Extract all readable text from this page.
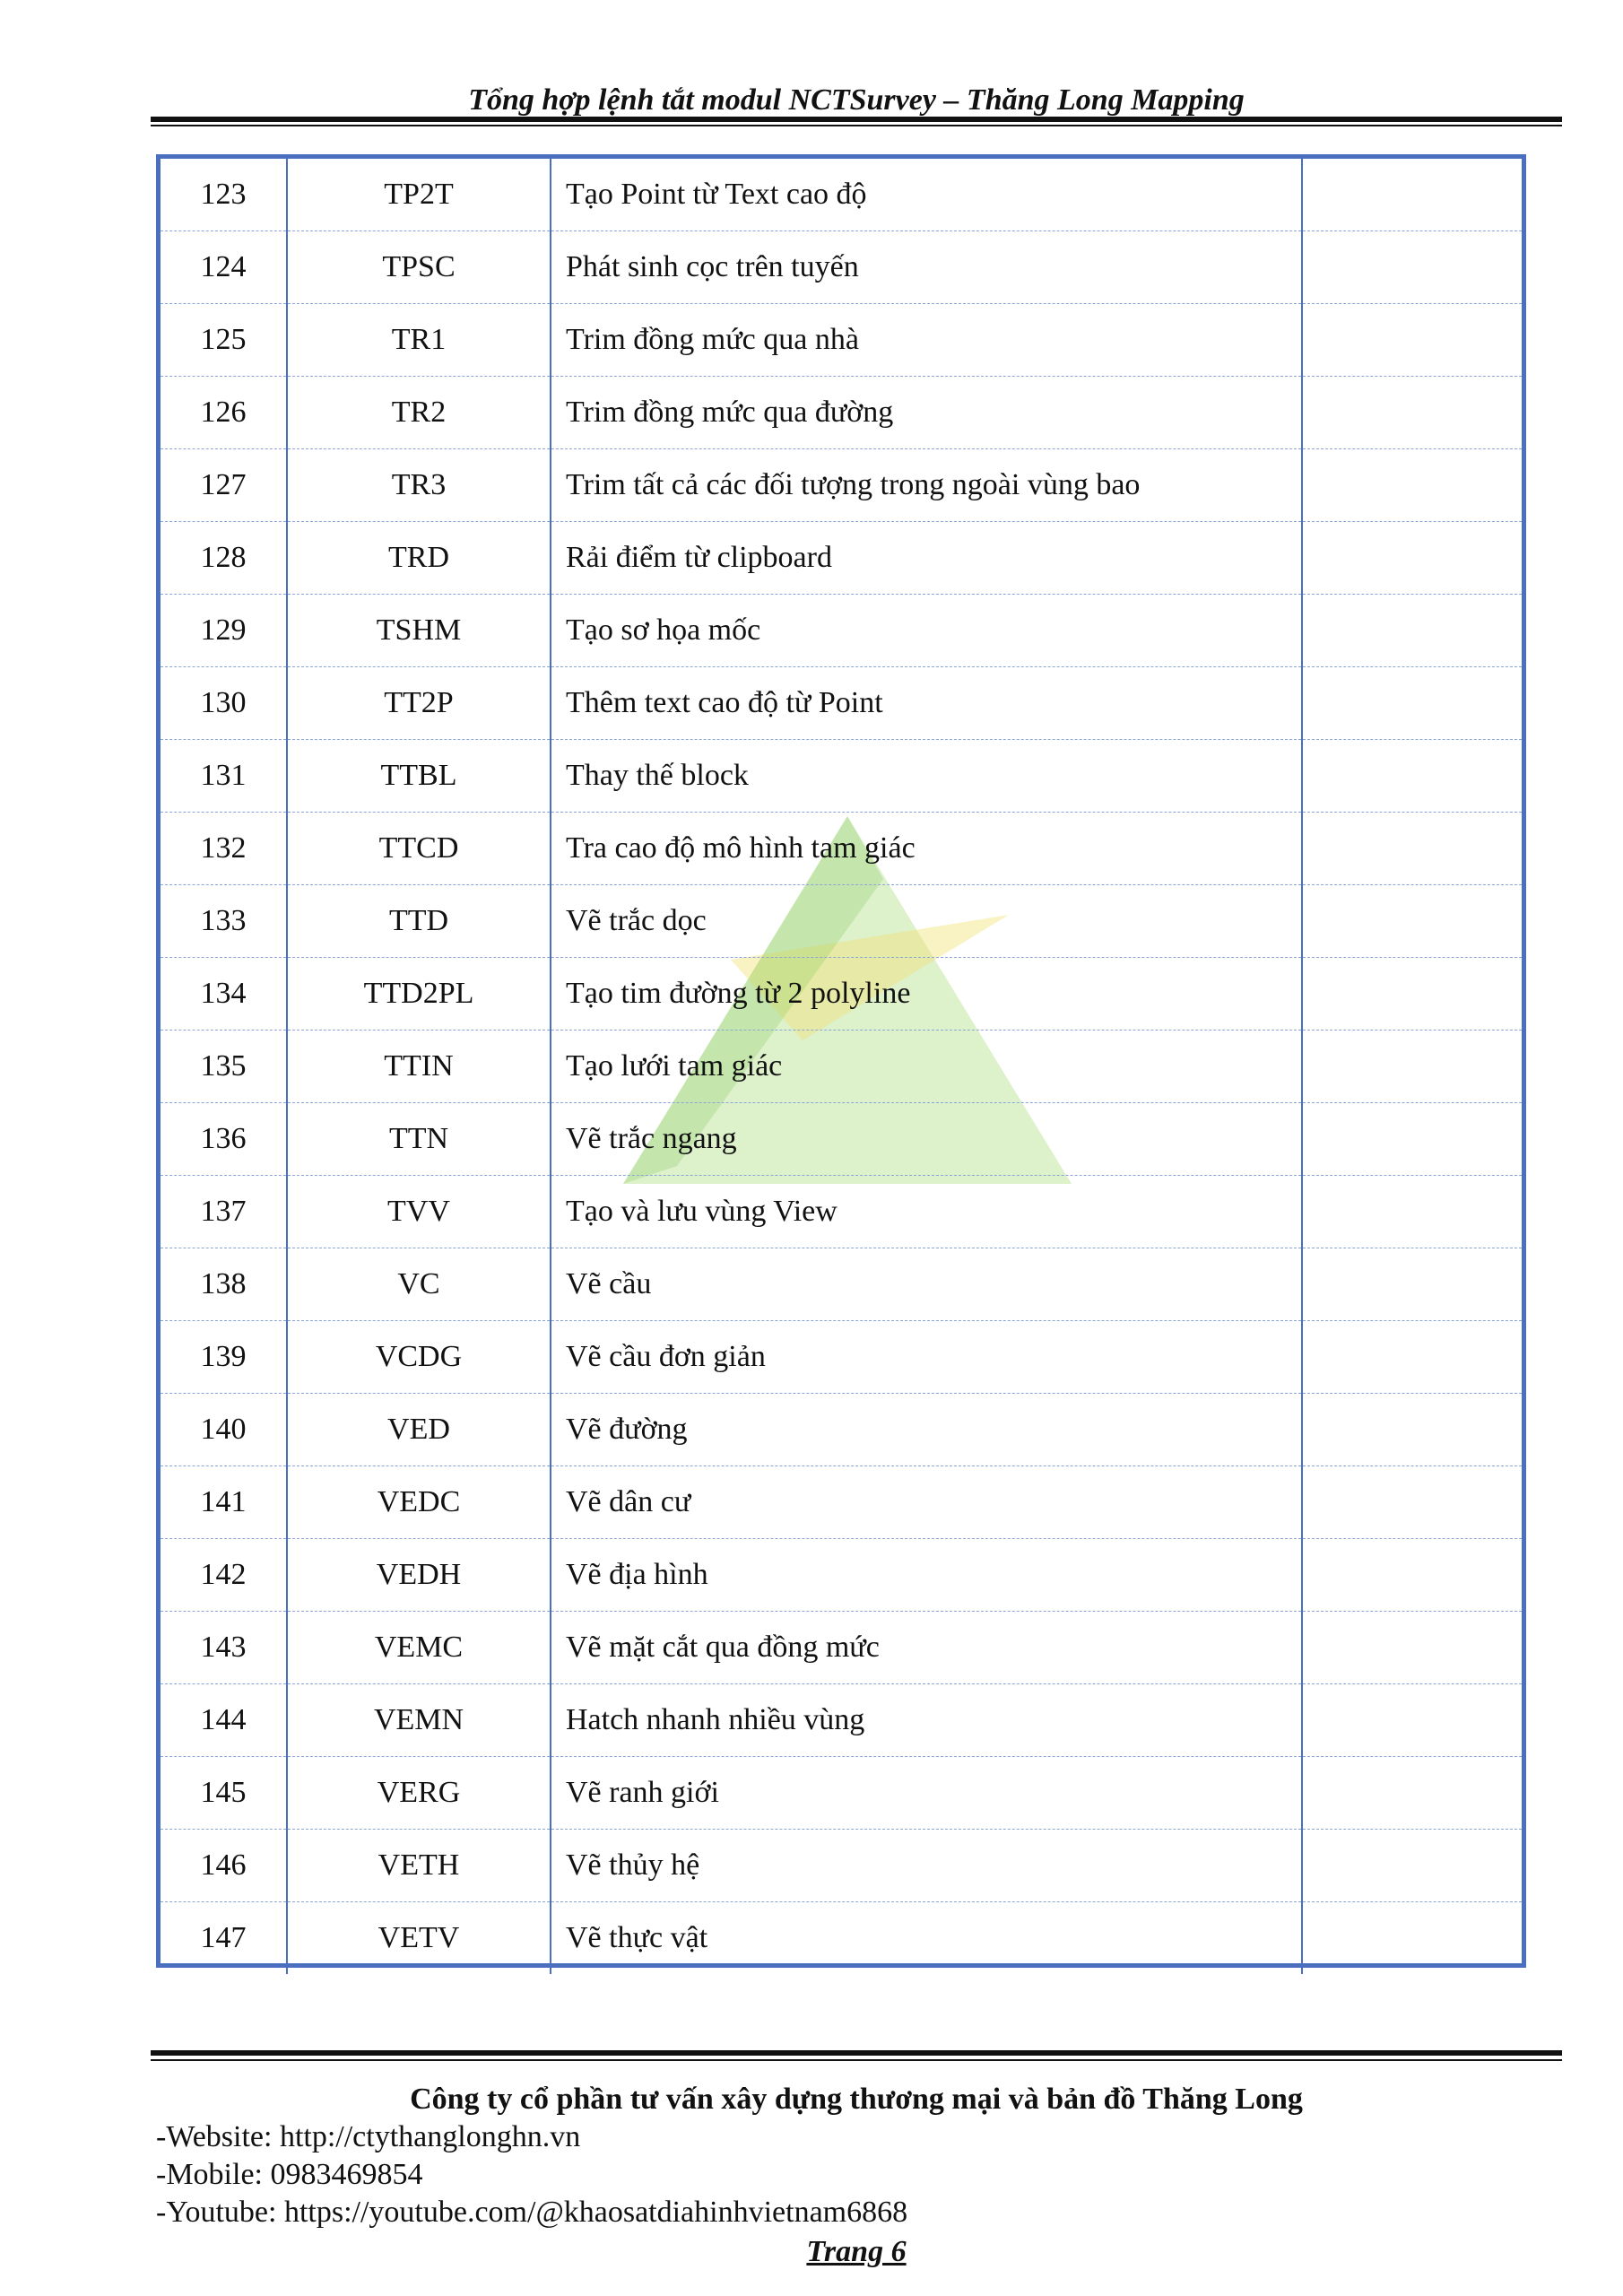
Tổng hợp lệnh tắt modul NCTSurvey – Thăng Long Mapping
123	TP2T	Tạo Point từ Text cao độ	
124	TPSC	Phát sinh cọc trên tuyến	
125	TR1	Trim đồng mức qua nhà	
126	TR2	Trim đồng mức qua đường	
127	TR3	Trim tất cả các đối tượng trong ngoài vùng bao	
128	TRD	Rải điểm từ clipboard	
129	TSHM	Tạo sơ họa mốc	
130	TT2P	Thêm text cao độ từ Point	
131	TTBL	Thay thế block	
132	TTCD	Tra cao độ mô hình tam giác	
133	TTD	Vẽ trắc dọc	
134	TTD2PL	Tạo tim đường từ 2 polyline	
135	TTIN	Tạo lưới tam giác	
136	TTN	Vẽ trắc ngang	
137	TVV	Tạo và lưu vùng View	
138	VC	Vẽ cầu	
139	VCDG	Vẽ cầu đơn giản	
140	VED	Vẽ đường	
141	VEDC	Vẽ dân cư	
142	VEDH	Vẽ địa hình	
143	VEMC	Vẽ mặt cắt qua đồng mức	
144	VEMN	Hatch nhanh nhiều vùng	
145	VERG	Vẽ ranh giới	
146	VETH	Vẽ thủy hệ	
147	VETV	Vẽ thực vật	
Công ty cổ phần tư vấn xây dựng thương mại và bản đồ Thăng Long
-Website: http://ctythanglonghn.vn
-Mobile: 0983469854
-Youtube: https://youtube.com/@khaosatdiahinhvietnam6868
Trang 6
